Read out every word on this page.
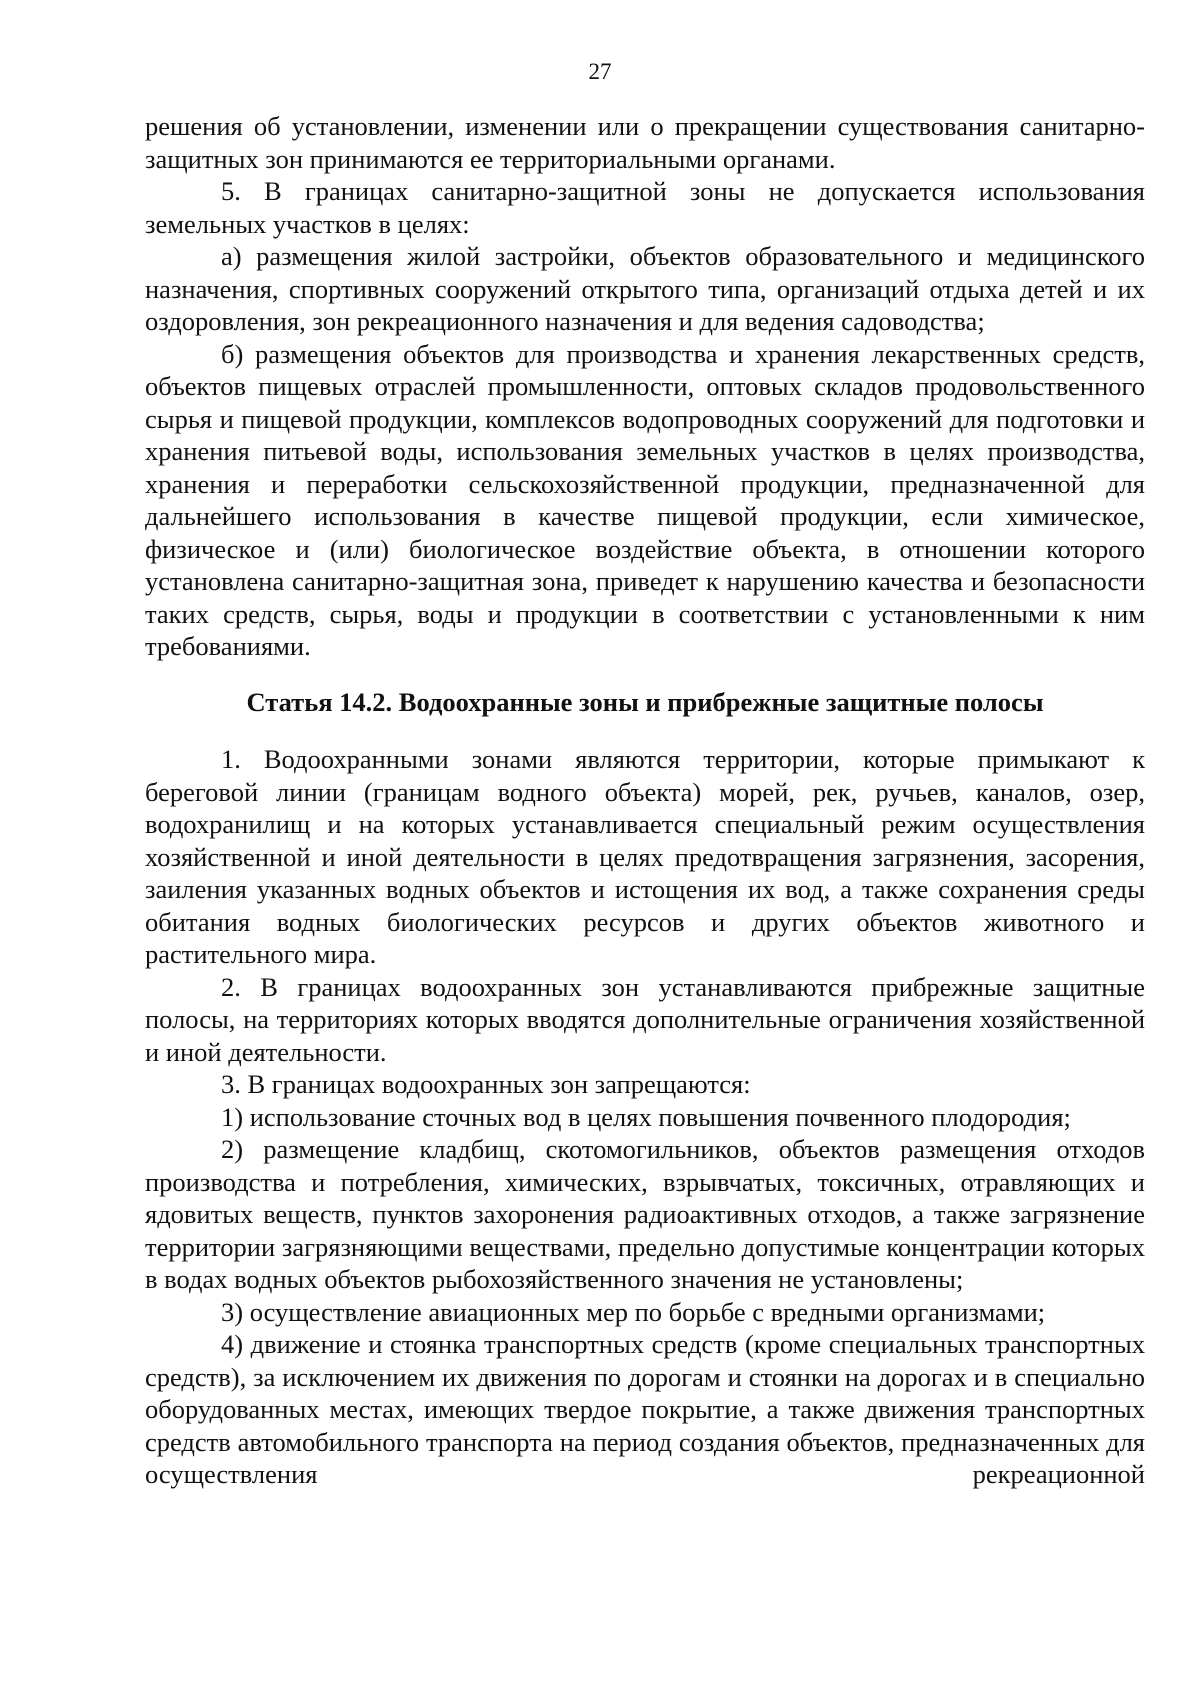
27

решения об установлении, изменении или о прекращении существования санитарно-защитных зон принимаются ее территориальными органами.

5. В границах санитарно-защитной зоны не допускается использования земельных участков в целях:

а) размещения жилой застройки, объектов образовательного и медицинского назначения, спортивных сооружений открытого типа, организаций отдыха детей и их оздоровления, зон рекреационного назначения и для ведения садоводства;

б) размещения объектов для производства и хранения лекарственных средств, объектов пищевых отраслей промышленности, оптовых складов продовольственного сырья и пищевой продукции, комплексов водопроводных сооружений для подготовки и хранения питьевой воды, использования земельных участков в целях производства, хранения и переработки сельскохозяйственной продукции, предназначенной для дальнейшего использования в качестве пищевой продукции, если химическое, физическое и (или) биологическое воздействие объекта, в отношении которого установлена санитарно-защитная зона, приведет к нарушению качества и безопасности таких средств, сырья, воды и продукции в соответствии с установленными к ним требованиями.

Статья 14.2. Водоохранные зоны и прибрежные защитные полосы

1. Водоохранными зонами являются территории, которые примыкают к береговой линии (границам водного объекта) морей, рек, ручьев, каналов, озер, водохранилищ и на которых устанавливается специальный режим осуществления хозяйственной и иной деятельности в целях предотвращения загрязнения, засорения, заиления указанных водных объектов и истощения их вод, а также сохранения среды обитания водных биологических ресурсов и других объектов животного и растительного мира.

2. В границах водоохранных зон устанавливаются прибрежные защитные полосы, на территориях которых вводятся дополнительные ограничения хозяйственной и иной деятельности.

3. В границах водоохранных зон запрещаются:

1) использование сточных вод в целях повышения почвенного плодородия;

2) размещение кладбищ, скотомогильников, объектов размещения отходов производства и потребления, химических, взрывчатых, токсичных, отравляющих и ядовитых веществ, пунктов захоронения радиоактивных отходов, а также загрязнение территории загрязняющими веществами, предельно допустимые концентрации которых в водах водных объектов рыбохозяйственного значения не установлены;

3) осуществление авиационных мер по борьбе с вредными организмами;

4) движение и стоянка транспортных средств (кроме специальных транспортных средств), за исключением их движения по дорогам и стоянки на дорогах и в специально оборудованных местах, имеющих твердое покрытие, а также движения транспортных средств автомобильного транспорта на период создания объектов, предназначенных для осуществления рекреационной
